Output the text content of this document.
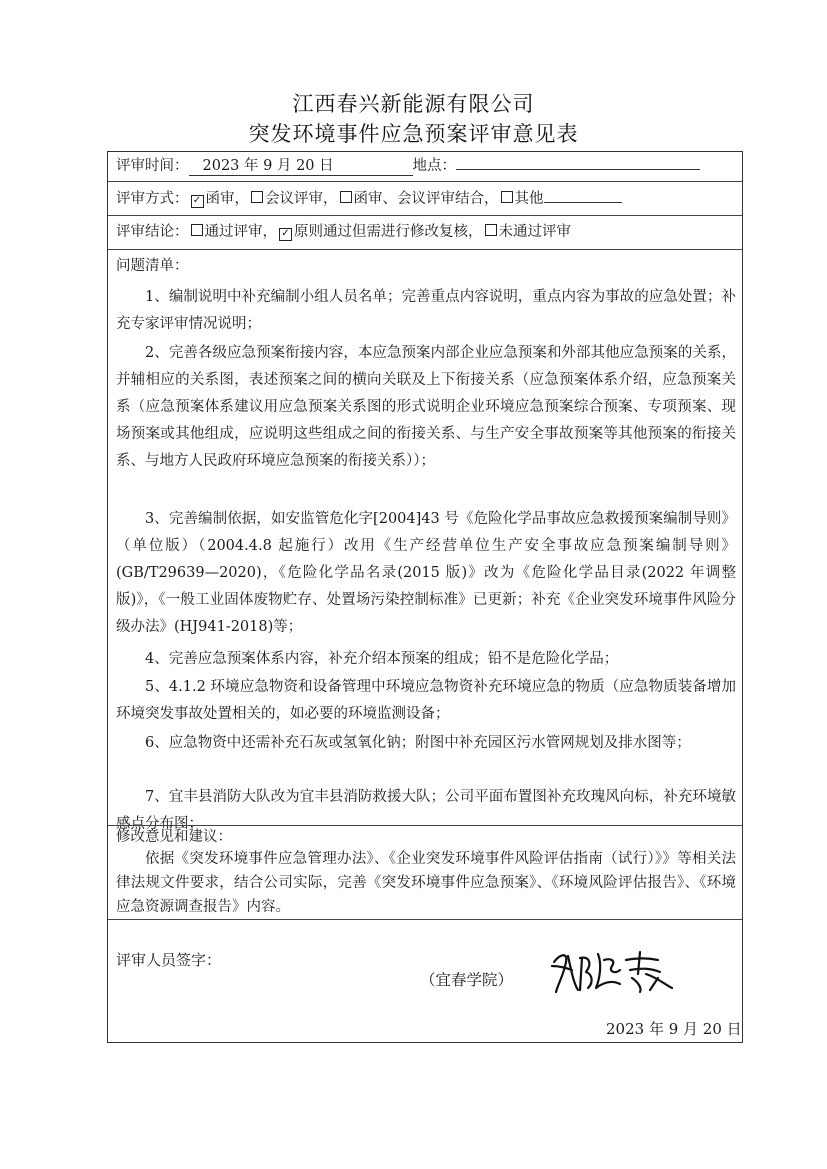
江西春兴新能源有限公司
突发环境事件应急预案评审意见表
评审时间： 2023 年 9 月 20 日	地点：
评审方式： ✓ 函审， 会议评审， 函审、会议评审结合， 其他
评审结论： 通过评审， ✓ 原则通过但需进行修改复核， 未通过评审
问题清单：
1、编制说明中补充编制小组人员名单；完善重点内容说明，重点内容为事故的应急处置；补充专家评审情况说明；
2、完善各级应急预案衔接内容，本应急预案内部企业应急预案和外部其他应急预案的关系，并辅相应的关系图，表述预案之间的横向关联及上下衔接关系（应急预案体系介绍，应急预案关系（应急预案体系建议用应急预案关系图的形式说明企业环境应急预案综合预案、专项预案、现场预案或其他组成，应说明这些组成之间的衔接关系、与生产安全事故预案等其他预案的衔接关系、与地方人民政府环境应急预案的衔接关系））；
3、完善编制依据，如安监管危化字[2004]43 号《危险化学品事故应急救援预案编制导则》（单位版）（2004.4.8 起施行）改用《生产经营单位生产安全事故应急预案编制导则》(GB/T29639—2020)，《危险化学品名录(2015 版)》改为《危险化学品目录(2022 年调整版)》，《一般工业固体废物贮存、处置场污染控制标准》已更新；补充《企业突发环境事件风险分级办法》(HJ941-2018)等；
4、完善应急预案体系内容，补充介绍本预案的组成；铅不是危险化学品；
5、4.1.2 环境应急物资和设备管理中环境应急物资补充环境应急的物质（应急物质装备增加环境突发事故处置相关的，如必要的环境监测设备；
6、应急物资中还需补充石灰或氢氧化钠；附图中补充园区污水管网规划及排水图等；
7、宜丰县消防大队改为宜丰县消防救援大队；公司平面布置图补充玫瑰风向标，补充环境敏感点分布图；
修改意见和建议：
依据《突发环境事件应急管理办法》、《企业突发环境事件风险评估指南（试行）》》等相关法律法规文件要求，结合公司实际，完善《突发环境事件应急预案》、《环境风险评估报告》、《环境应急资源调查报告》内容。
评审人员签字：
（宜春学院）
2023 年 9 月 20 日
